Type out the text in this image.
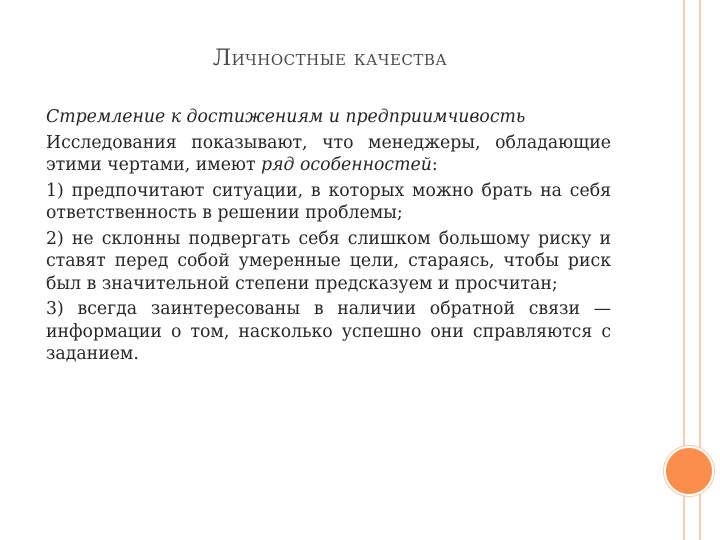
Личностные качества

Стремление к достижениям и предприимчивость

Исследования показывают, что менеджеры, обладающие этими чертами, имеют ряд особенностей:

1) предпочитают ситуации, в которых можно брать на себя ответственность в решении проблемы;

2) не склонны подвергать себя слишком большому риску и ставят перед собой умеренные цели, стараясь, чтобы риск был в значительной степени предсказуем и просчитан;

3) всегда заинтересованы в наличии обратной связи — информации о том, насколько успешно они справляются с заданием.
